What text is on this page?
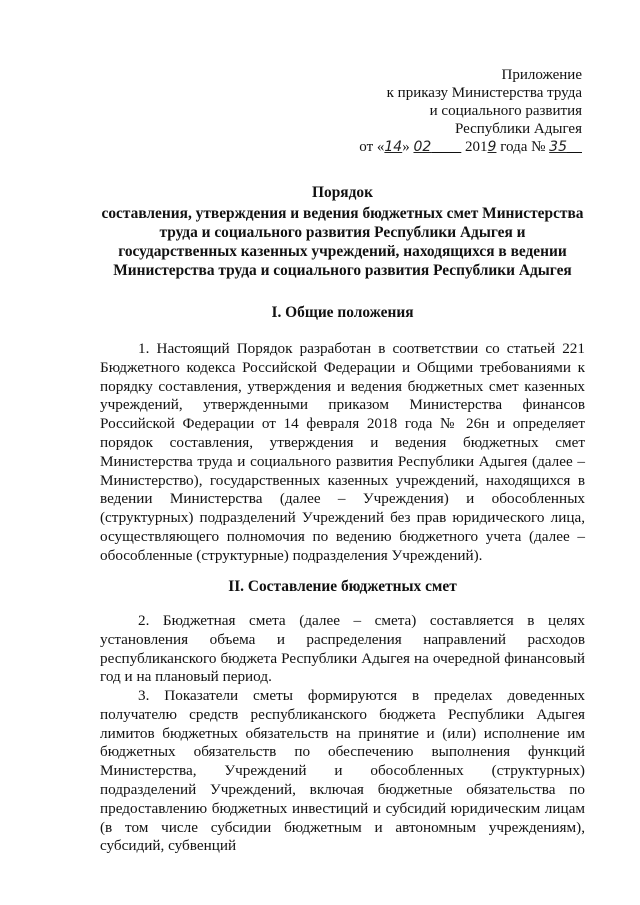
Приложение
к приказу Министерства труда
и социального развития
Республики Адыгея
от «14» 02     2019 года № 35  
Порядок
составления, утверждения и ведения бюджетных смет Министерства труда и социального развития Республики Адыгея и государственных казенных учреждений, находящихся в ведении Министерства труда и социального развития Республики Адыгея
I. Общие положения
1. Настоящий Порядок разработан в соответствии со статьей 221 Бюджетного кодекса Российской Федерации и Общими требованиями к порядку составления, утверждения и ведения бюджетных смет казенных учреждений, утвержденными приказом Министерства финансов Российской Федерации от 14 февраля 2018 года № 26н и определяет порядок составления, утверждения и ведения бюджетных смет Министерства труда и социального развития Республики Адыгея (далее – Министерство), государственных казенных учреждений, находящихся в ведении Министерства (далее – Учреждения) и обособленных (структурных) подразделений Учреждений без прав юридического лица, осуществляющего полномочия по ведению бюджетного учета (далее – обособленные (структурные) подразделения Учреждений).
II. Составление бюджетных смет
2. Бюджетная смета (далее – смета) составляется в целях установления объема и распределения направлений расходов республиканского бюджета Республики Адыгея на очередной финансовый год и на плановый период.
3. Показатели сметы формируются в пределах доведенных получателю средств республиканского бюджета Республики Адыгея лимитов бюджетных обязательств на принятие и (или) исполнение им бюджетных обязательств по обеспечению выполнения функций Министерства, Учреждений и обособленных (структурных) подразделений Учреждений, включая бюджетные обязательства по предоставлению бюджетных инвестиций и субсидий юридическим лицам (в том числе субсидии бюджетным и автономным учреждениям), субсидий, субвенций
